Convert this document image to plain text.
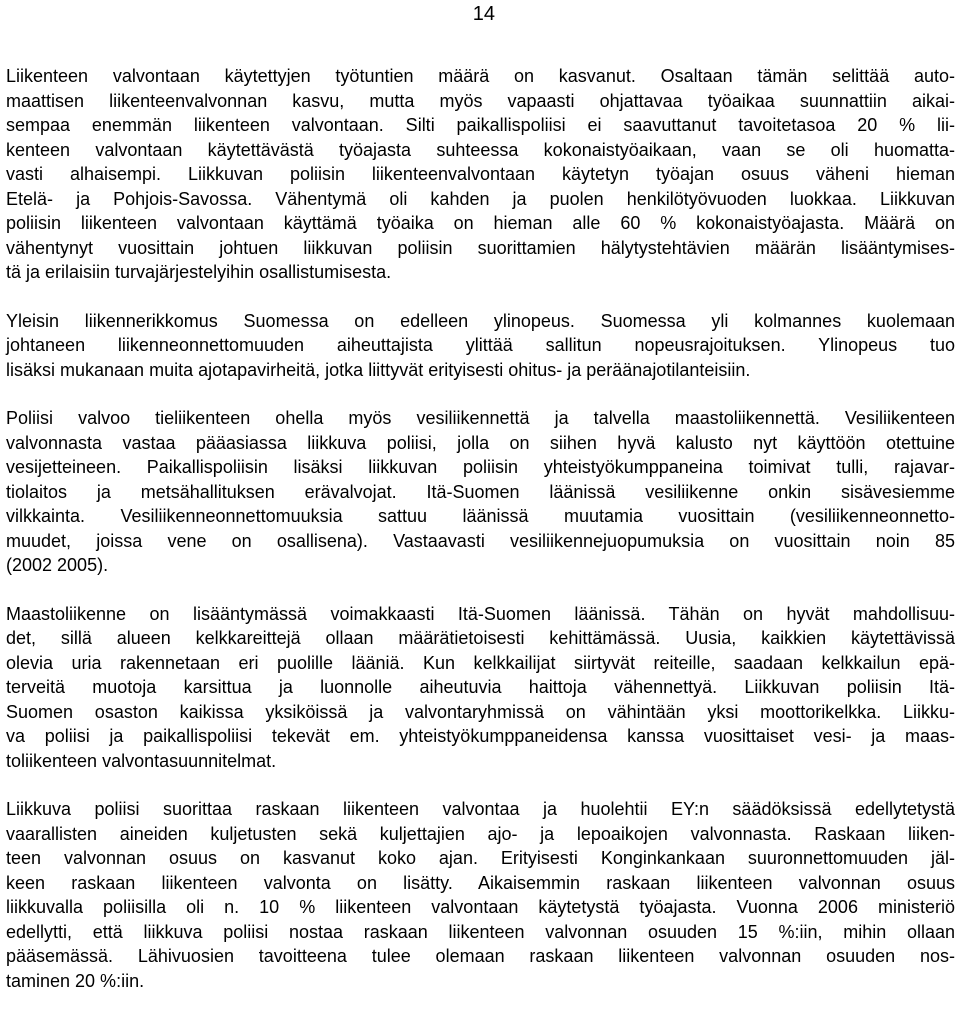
14

Liikenteen valvontaan käytettyjen työtuntien määrä on kasvanut. Osaltaan tämän selittää auto-
maattisen liikenteenvalvonnan kasvu, mutta myös vapaasti ohjattavaa työaikaa suunnattiin aikai-
sempaa enemmän liikenteen valvontaan. Silti paikallispoliisi ei saavuttanut tavoitetasoa 20 % lii-
kenteen valvontaan käytettävästä työajasta suhteessa kokonaistyöaikaan, vaan se oli huomatta-
vasti alhaisempi. Liikkuvan poliisin liikenteenvalvontaan käytetyn työajan osuus väheni hieman
Etelä- ja Pohjois-Savossa. Vähentymä oli kahden ja puolen henkilötyövuoden luokkaa. Liikkuvan
poliisin liikenteen valvontaan käyttämä työaika on hieman alle 60 % kokonaistyöajasta. Määrä on
vähentynyt vuosittain johtuen liikkuvan poliisin suorittamien hälytystehtävien määrän lisääntymises-
tä ja erilaisiin turvajärjestelyihin osallistumisesta.

Yleisin liikennerikkomus Suomessa on edelleen ylinopeus. Suomessa yli kolmannes kuolemaan
johtaneen liikenneonnettomuuden aiheuttajista ylittää sallitun nopeusrajoituksen. Ylinopeus tuo
lisäksi mukanaan muita ajotapavirheitä, jotka liittyvät erityisesti ohitus- ja peräänajotilanteisiin.

Poliisi valvoo tieliikenteen ohella myös vesiliikennettä ja talvella maastoliikennettä. Vesiliikenteen
valvonnasta vastaa pääasiassa liikkuva poliisi, jolla on siihen hyvä kalusto nyt käyttöön otettuine
vesijetteineen. Paikallispoliisin lisäksi liikkuvan poliisin yhteistyökumppaneina toimivat tulli, rajavar-
tiolaitos ja metsähallituksen erävalvojat. Itä-Suomen läänissä vesiliikenne onkin sisävesiemme
vilkkainta. Vesiliikenneonnettomuuksia sattuu läänissä muutamia vuosittain (vesiliikenneonnetto-
muudet, joissa vene on osallisena). Vastaavasti vesiliikennejuopumuksia on vuosittain noin 85
(2002 2005).

Maastoliikenne on lisääntymässä voimakkaasti Itä-Suomen läänissä. Tähän on hyvät mahdollisuu-
det, sillä alueen kelkkareittejä ollaan määrätietoisesti kehittämässä. Uusia, kaikkien käytettävissä
olevia uria rakennetaan eri puolille lääniä. Kun kelkkailijat siirtyvät reiteille, saadaan kelkkailun epä-
terveitä muotoja karsittua ja luonnolle aiheutuvia haittoja vähennettyä. Liikkuvan poliisin Itä-
Suomen osaston kaikissa yksiköissä ja valvontaryhmissä on vähintään yksi moottorikelkka. Liikku-
va poliisi ja paikallispoliisi tekevät em. yhteistyökumppaneidensa kanssa vuosittaiset vesi- ja maas-
toliikenteen valvontasuunnitelmat.

Liikkuva poliisi suorittaa raskaan liikenteen valvontaa ja huolehtii EY:n säädöksissä edellytetystä
vaarallisten aineiden kuljetusten sekä kuljettajien ajo- ja lepoaikojen valvonnasta. Raskaan liiken-
teen valvonnan osuus on kasvanut koko ajan. Erityisesti Konginkankaan suuronnettomuuden jäl-
keen raskaan liikenteen valvonta on lisätty. Aikaisemmin raskaan liikenteen valvonnan osuus
liikkuvalla poliisilla oli n. 10 % liikenteen valvontaan käytetystä työajasta. Vuonna 2006 ministeriö
edellytti, että liikkuva poliisi nostaa raskaan liikenteen valvonnan osuuden 15 %:iin, mihin ollaan
pääsemässä. Lähivuosien tavoitteena tulee olemaan raskaan liikenteen valvonnan osuuden nos-
taminen 20 %:iin.
